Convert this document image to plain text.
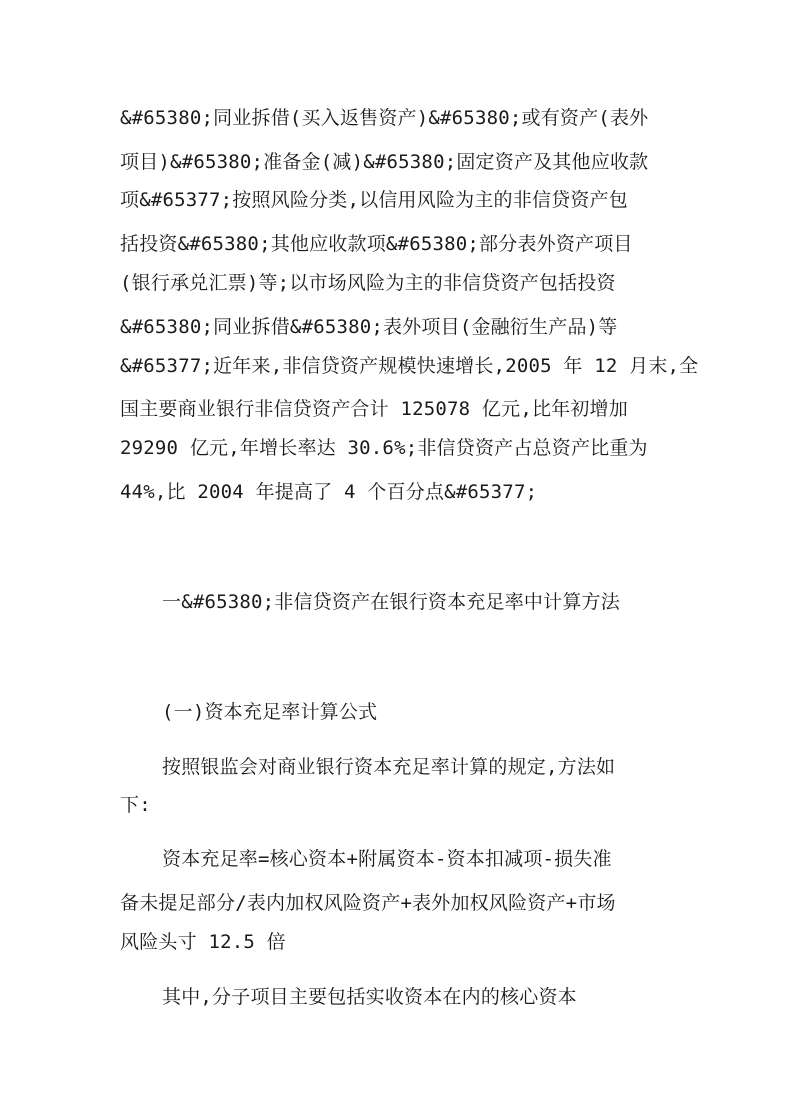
&#65380;同业拆借(买入返售资产)&#65380;或有资产(表外
项目)&#65380;准备金(减)&#65380;固定资产及其他应收款
项&#65377;按照风险分类,以信用风险为主的非信贷资产包
括投资&#65380;其他应收款项&#65380;部分表外资产项目
(银行承兑汇票)等;以市场风险为主的非信贷资产包括投资
&#65380;同业拆借&#65380;表外项目(金融衍生产品)等
&#65377;近年来,非信贷资产规模快速增长,2005 年 12 月末,全
国主要商业银行非信贷资产合计 125078 亿元,比年初增加
29290 亿元,年增长率达 30.6%;非信贷资产占总资产比重为
44%,比 2004 年提高了 4 个百分点&#65377;
一&#65380;非信贷资产在银行资本充足率中计算方法
(一)资本充足率计算公式
按照银监会对商业银行资本充足率计算的规定,方法如
下:
资本充足率=核心资本+附属资本-资本扣减项-损失准
备未提足部分/表内加权风险资产+表外加权风险资产+市场
风险头寸 12.5 倍
其中,分子项目主要包括实收资本在内的核心资本
